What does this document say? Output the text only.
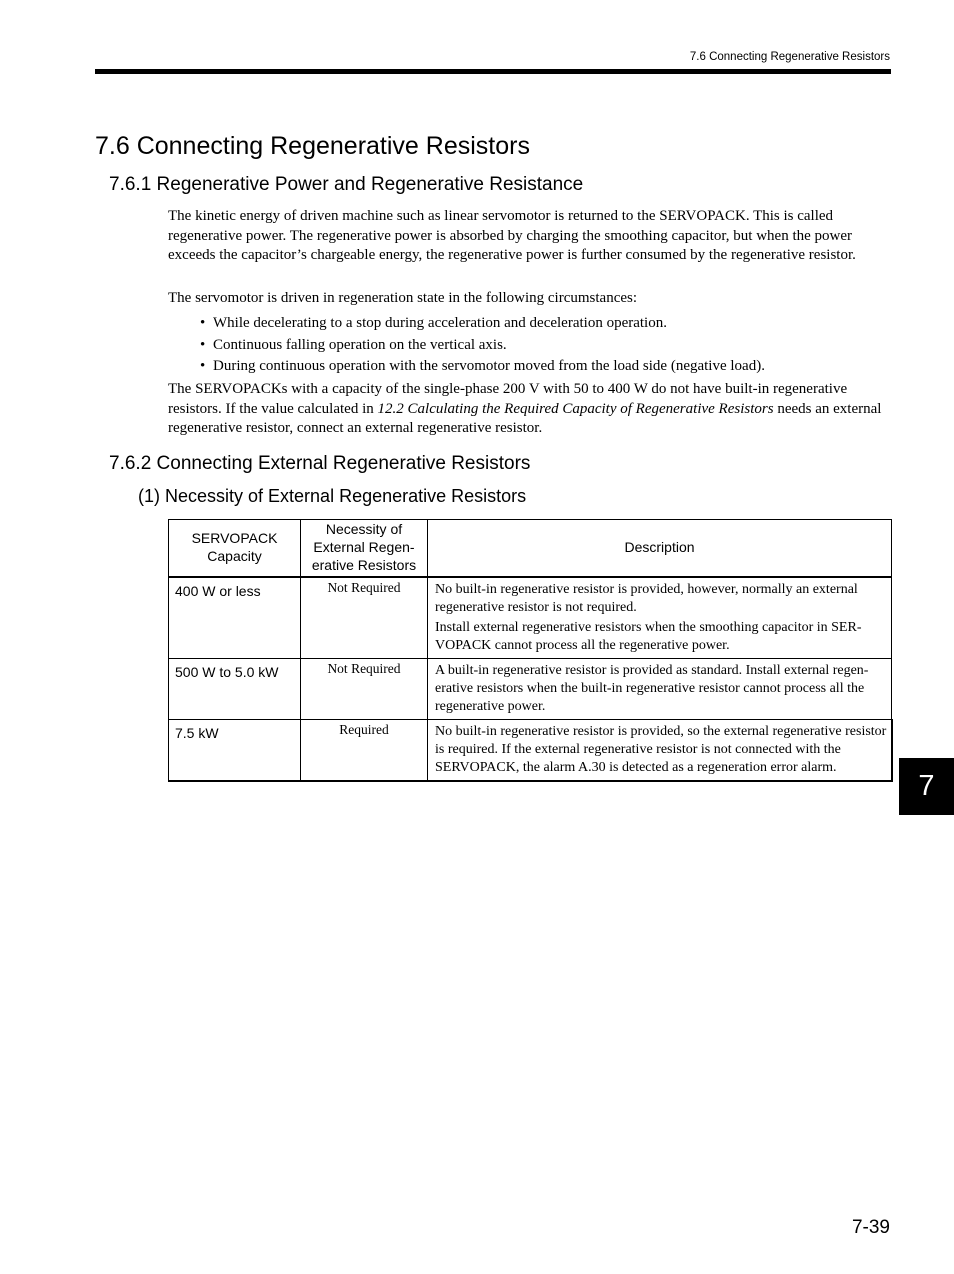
7.6 Connecting Regenerative Resistors
7.6 Connecting Regenerative Resistors
7.6.1 Regenerative Power and Regenerative Resistance

The kinetic energy of driven machine such as linear servomotor is returned to the SERVOPACK. This is called regenerative power. The regenerative power is absorbed by charging the smoothing capacitor, but when the power exceeds the capacitor’s chargeable energy, the regenerative power is further consumed by the regenerative resistor.

The servomotor is driven in regeneration state in the following circumstances:

• While decelerating to a stop during acceleration and deceleration operation.
• Continuous falling operation on the vertical axis.
• During continuous operation with the servomotor moved from the load side (negative load).

The SERVOPACKs with a capacity of the single-phase 200 V with 50 to 400 W do not have built-in regenerative resistors. If the value calculated in 12.2 Calculating the Required Capacity of Regenerative Resistors needs an external regenerative resistor, connect an external regenerative resistor.

7.6.2 Connecting External Regenerative Resistors
(1) Necessity of External Regenerative Resistors
SERVOPACK Capacity	Necessity of External Regen-erative Resistors	Description
400 W or less	Not Required	No built-in regenerative resistor is provided, however, normally an external regenerative resistor is not required.

Install external regenerative resistors when the smoothing capacitor in SER-VOPACK cannot process all the regenerative power.

500 W to 5.0 kW	Not Required	A built-in regenerative resistor is provided as standard. Install external regen-erative resistors when the built-in regenerative resistor cannot process all the regenerative power.

7.5 kW	Required	No built-in regenerative resistor is provided, so the external regenerative resistor is required. If the external regenerative resistor is not connected with the SERVOPACK, the alarm A.30 is detected as a regeneration error alarm.

7
7-39
